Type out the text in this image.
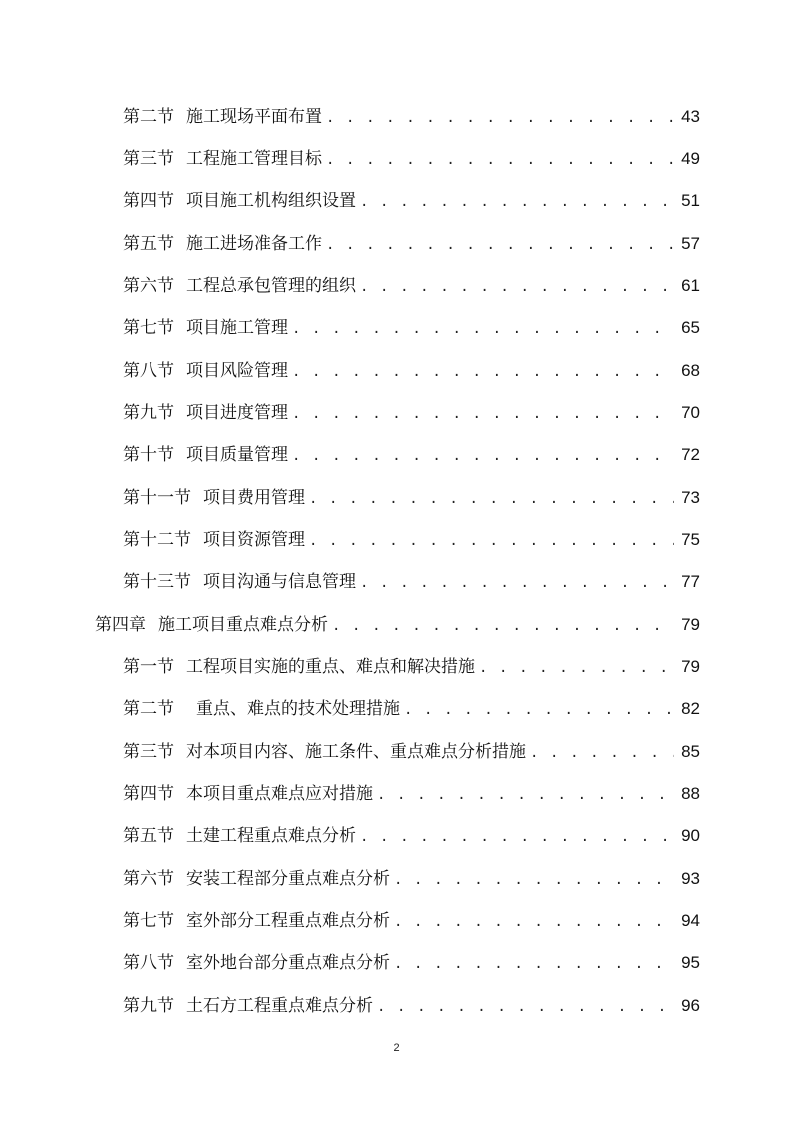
第二节 施工现场平面布置 . . .	43
第三节 工程施工管理目标 . . .	49
第四节 项目施工机构组织设置 . . .	51
第五节 施工进场准备工作 . . .	57
第六节 工程总承包管理的组织 . . .	61
第七节 项目施工管理 . . .	65
第八节 项目风险管理 . . .	68
第九节 项目进度管理 . . .	70
第十节 项目质量管理 . . .	72
第十一节 项目费用管理 . . .	73
第十二节 项目资源管理 . . .	75
第十三节 项目沟通与信息管理 . . .	77
第四章 施工项目重点难点分析 . . .	79
第一节 工程项目实施的重点、难点和解决措施 . . .	79
第二节 重点、难点的技术处理措施 . . .	82
第三节 对本项目内容、施工条件、重点难点分析措施 . . .	85
第四节 本项目重点难点应对措施 . . .	88
第五节 土建工程重点难点分析 . . .	90
第六节 安装工程部分重点难点分析 . . .	93
第七节 室外部分工程重点难点分析 . . .	94
第八节 室外地台部分重点难点分析 . . .	95
第九节 土石方工程重点难点分析 . . .	96
2
